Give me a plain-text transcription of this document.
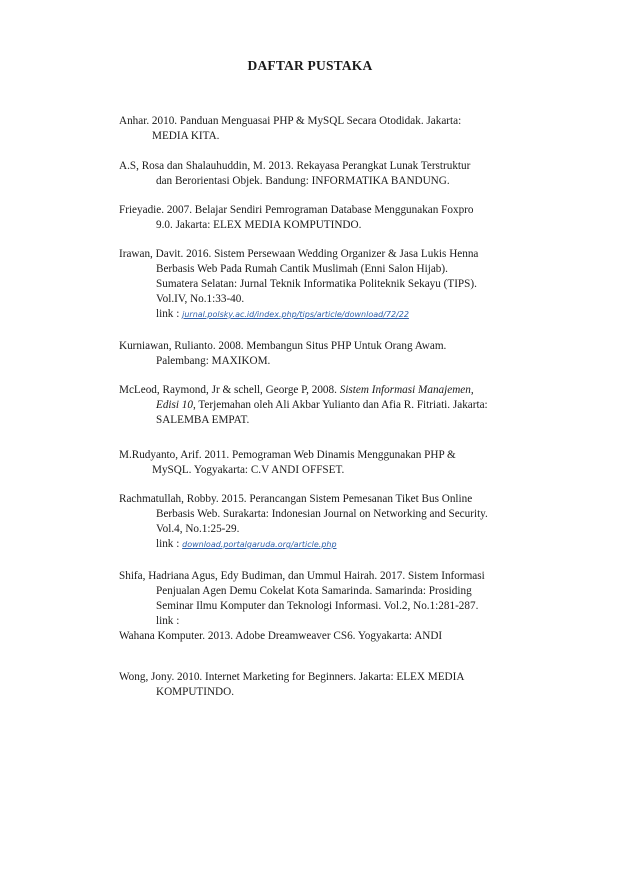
DAFTAR PUSTAKA
Anhar. 2010. Panduan Menguasai PHP & MySQL Secara Otodidak. Jakarta:
MEDIA KITA.
A.S, Rosa dan Shalauhuddin, M. 2013. Rekayasa Perangkat Lunak Terstruktur
dan Berorientasi Objek. Bandung: INFORMATIKA BANDUNG.
Frieyadie. 2007. Belajar Sendiri Pemrograman Database Menggunakan Foxpro
9.0. Jakarta: ELEX MEDIA KOMPUTINDO.
Irawan, Davit. 2016. Sistem Persewaan Wedding Organizer & Jasa Lukis Henna
Berbasis Web Pada Rumah Cantik Muslimah (Enni Salon Hijab).
Sumatera Selatan: Jurnal Teknik Informatika Politeknik Sekayu (TIPS).
Vol.IV, No.1:33-40.
link : jurnal.polsky.ac.id/index.php/tips/article/download/72/22
Kurniawan, Rulianto. 2008. Membangun Situs PHP Untuk Orang Awam.
Palembang: MAXIKOM.
McLeod, Raymond, Jr & schell, George P, 2008. Sistem Informasi Manajemen,
Edisi 10, Terjemahan oleh Ali Akbar Yulianto dan Afia R. Fitriati. Jakarta:
SALEMBA EMPAT.
M.Rudyanto, Arif. 2011. Pemograman Web Dinamis Menggunakan PHP &
MySQL. Yogyakarta: C.V ANDI OFFSET.
Rachmatullah, Robby. 2015. Perancangan Sistem Pemesanan Tiket Bus Online
Berbasis Web. Surakarta: Indonesian Journal on Networking and Security.
Vol.4, No.1:25-29.
link : download.portalgaruda.org/article.php
Shifa, Hadriana Agus, Edy Budiman, dan Ummul Hairah. 2017. Sistem Informasi
Penjualan Agen Demu Cokelat Kota Samarinda. Samarinda: Prosiding
Seminar Ilmu Komputer dan Teknologi Informasi. Vol.2, No.1:281-287.
link :
Wahana Komputer. 2013. Adobe Dreamweaver CS6. Yogyakarta: ANDI
Wong, Jony. 2010. Internet Marketing for Beginners. Jakarta: ELEX MEDIA
KOMPUTINDO.
